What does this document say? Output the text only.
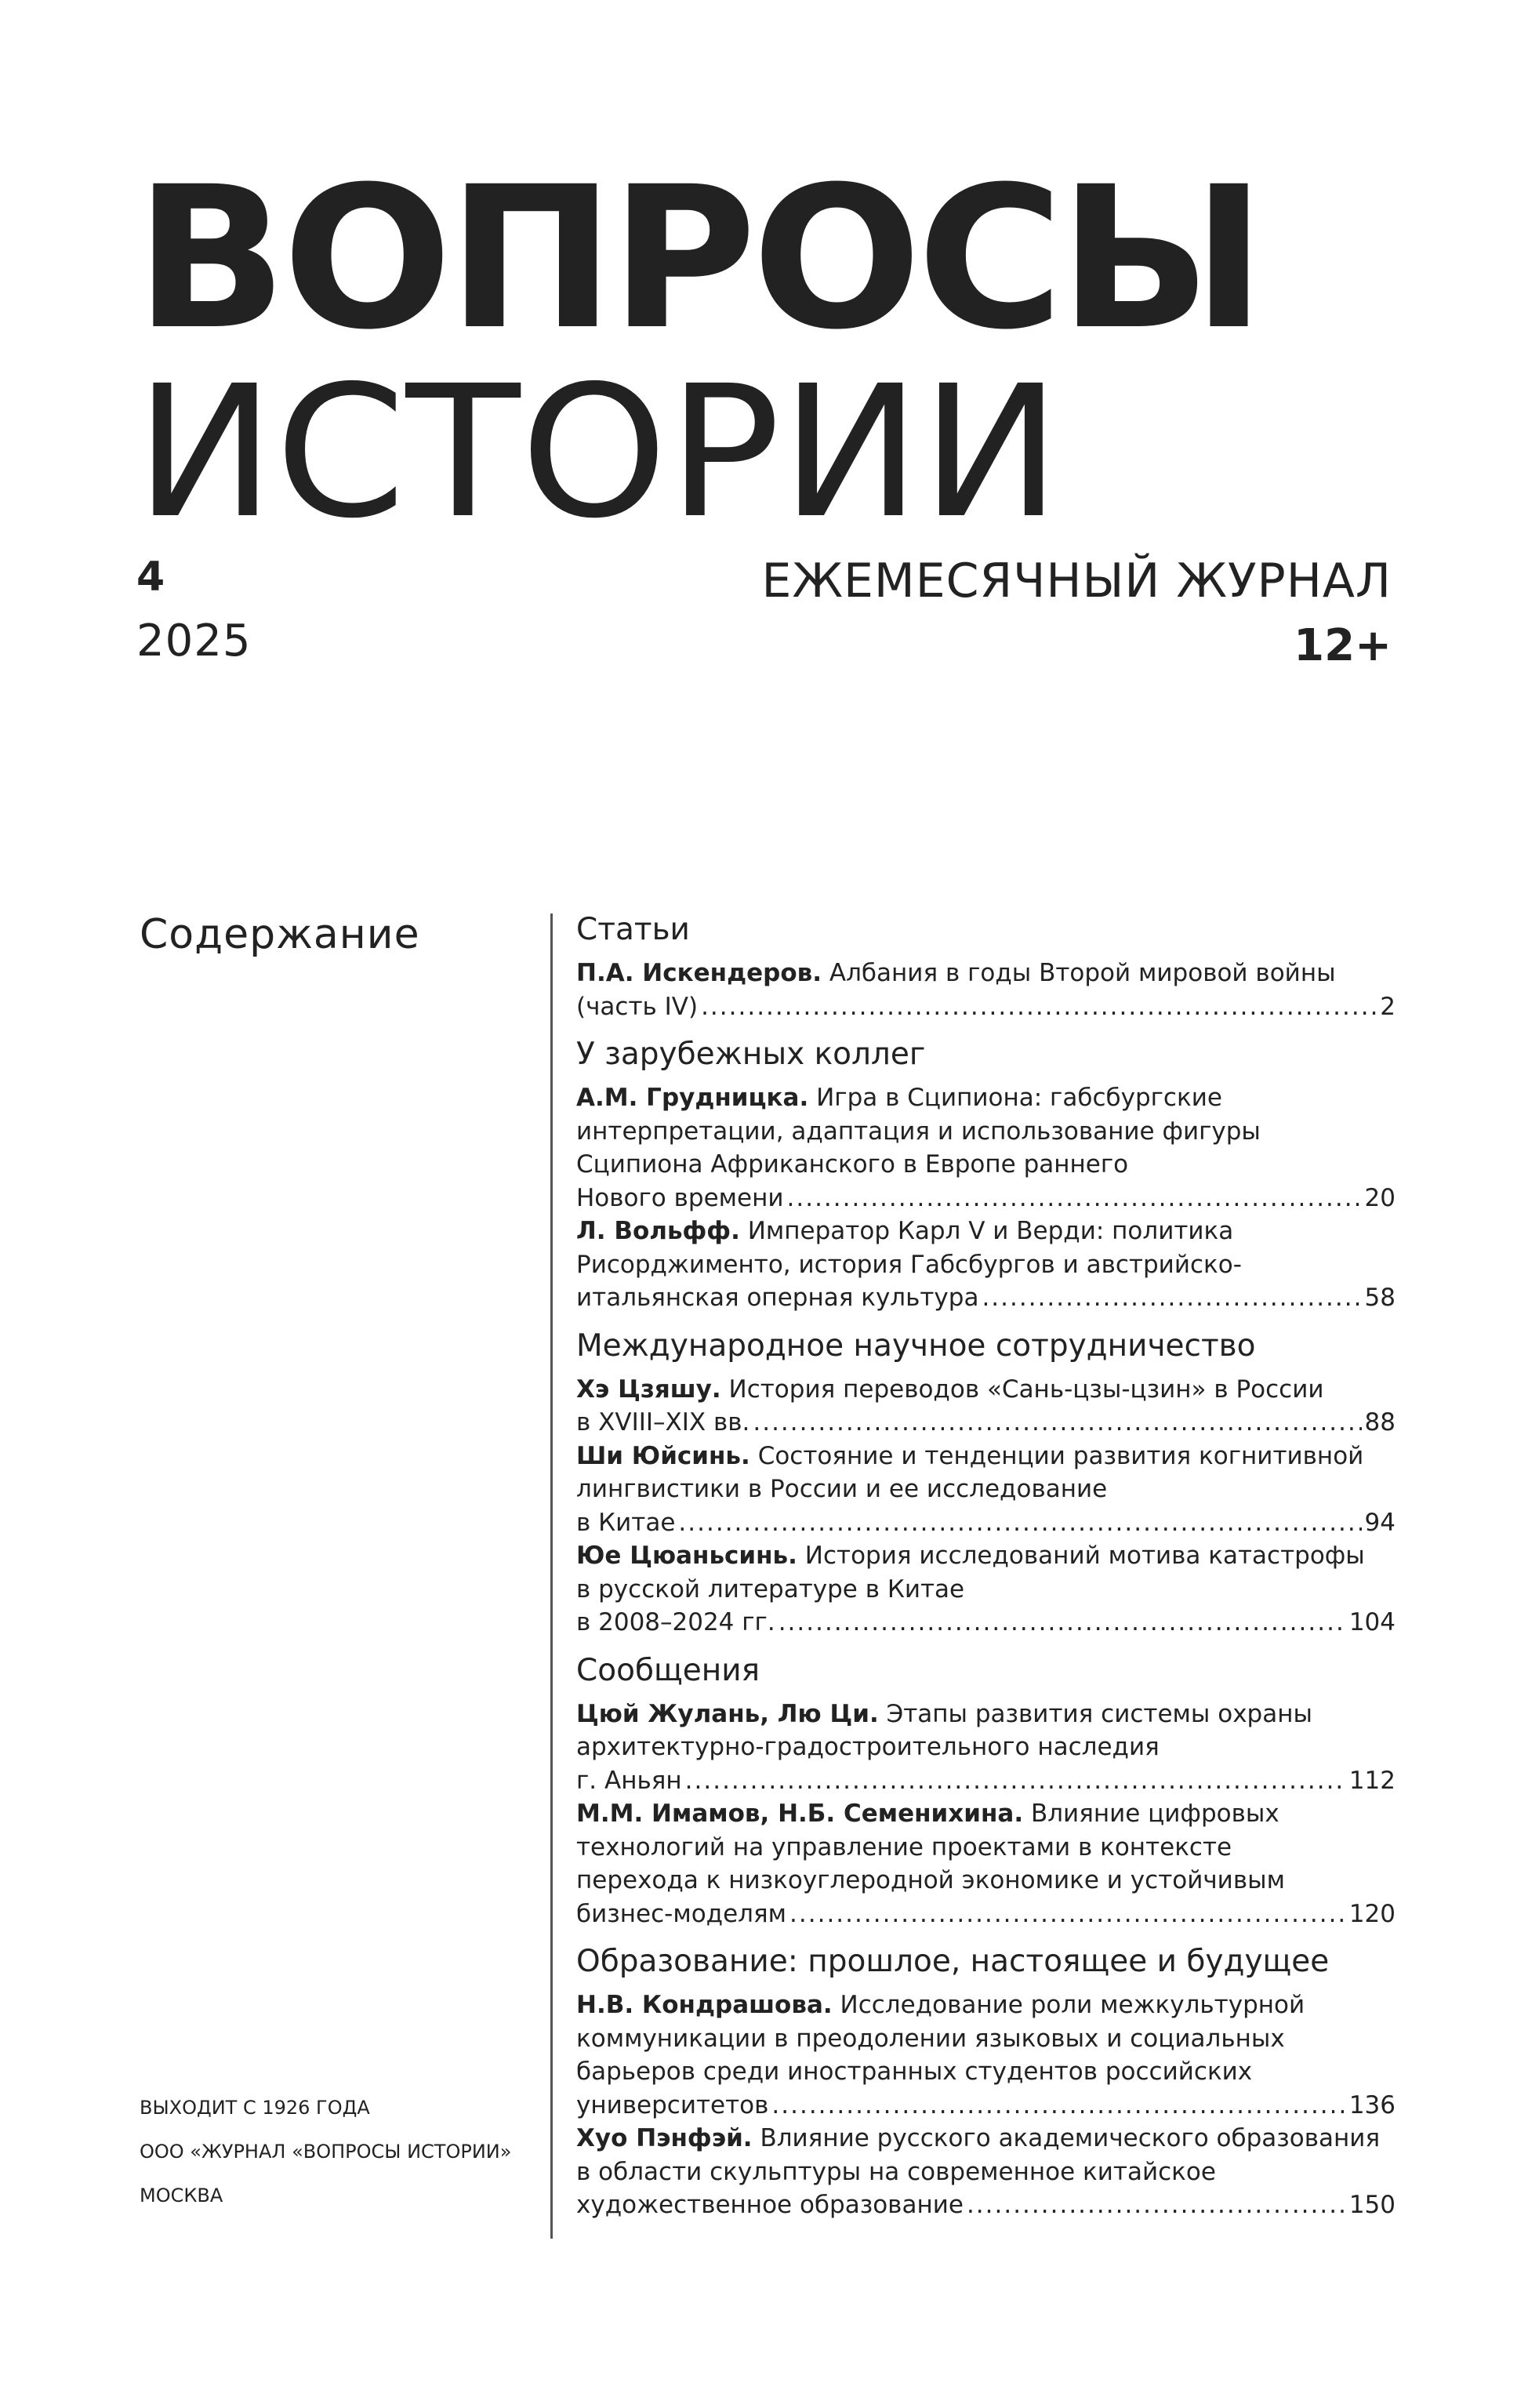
ВОПРОСЫ
ИСТОРИИ
4
2025
ЕЖЕМЕСЯЧНЫЙ ЖУРНАЛ
12+
Содержание	Статьи
П.А. Искендеров. Албания в годы Второй мировой войны
(часть IV) .....	2
У зарубежных коллег
А.М. Грудницка. Игра в Сципиона: габсбургские
интерпретации, адаптация и использование фигуры
Сципиона Африканского в Европе раннего
Нового времени .....	20
Л. Вольфф. Император Карл V и Верди: политика
Рисорджименто, история Габсбургов и австрийско-
итальянская оперная культура .....	58
Международное научное сотрудничество
Хэ Цзяшу. История переводов «Сань-цзы-цзин» в России
в XVIII–XIX вв. .....	88
Ши Юйсинь. Состояние и тенденции развития когнитивной
лингвистики в России и ее исследование
в Китае .....	94
Юе Цюаньсинь. История исследований мотива катастрофы
в русской литературе в Китае
в 2008–2024 гг. .....	104
Сообщения
Цюй Жулань, Лю Ци. Этапы развития системы охраны
архитектурно-градостроительного наследия
г. Аньян .....	112
М.М. Имамов, Н.Б. Семенихина. Влияние цифровых
технологий на управление проектами в контексте
перехода к низкоуглеродной экономике и устойчивым
бизнес-моделям .....	120
Образование: прошлое, настоящее и будущее
Н.В. Кондрашова. Исследование роли межкультурной
коммуникации в преодолении языковых и социальных
барьеров среди иностранных студентов российских
университетов .....	136
Хуо Пэнфэй. Влияние русского академического образования
в области скульптуры на современное китайское
художественное образование .....	150
ВЫХОДИТ С 1926 ГОДА
ООО «ЖУРНАЛ «ВОПРОСЫ ИСТОРИИ»
МОСКВА
